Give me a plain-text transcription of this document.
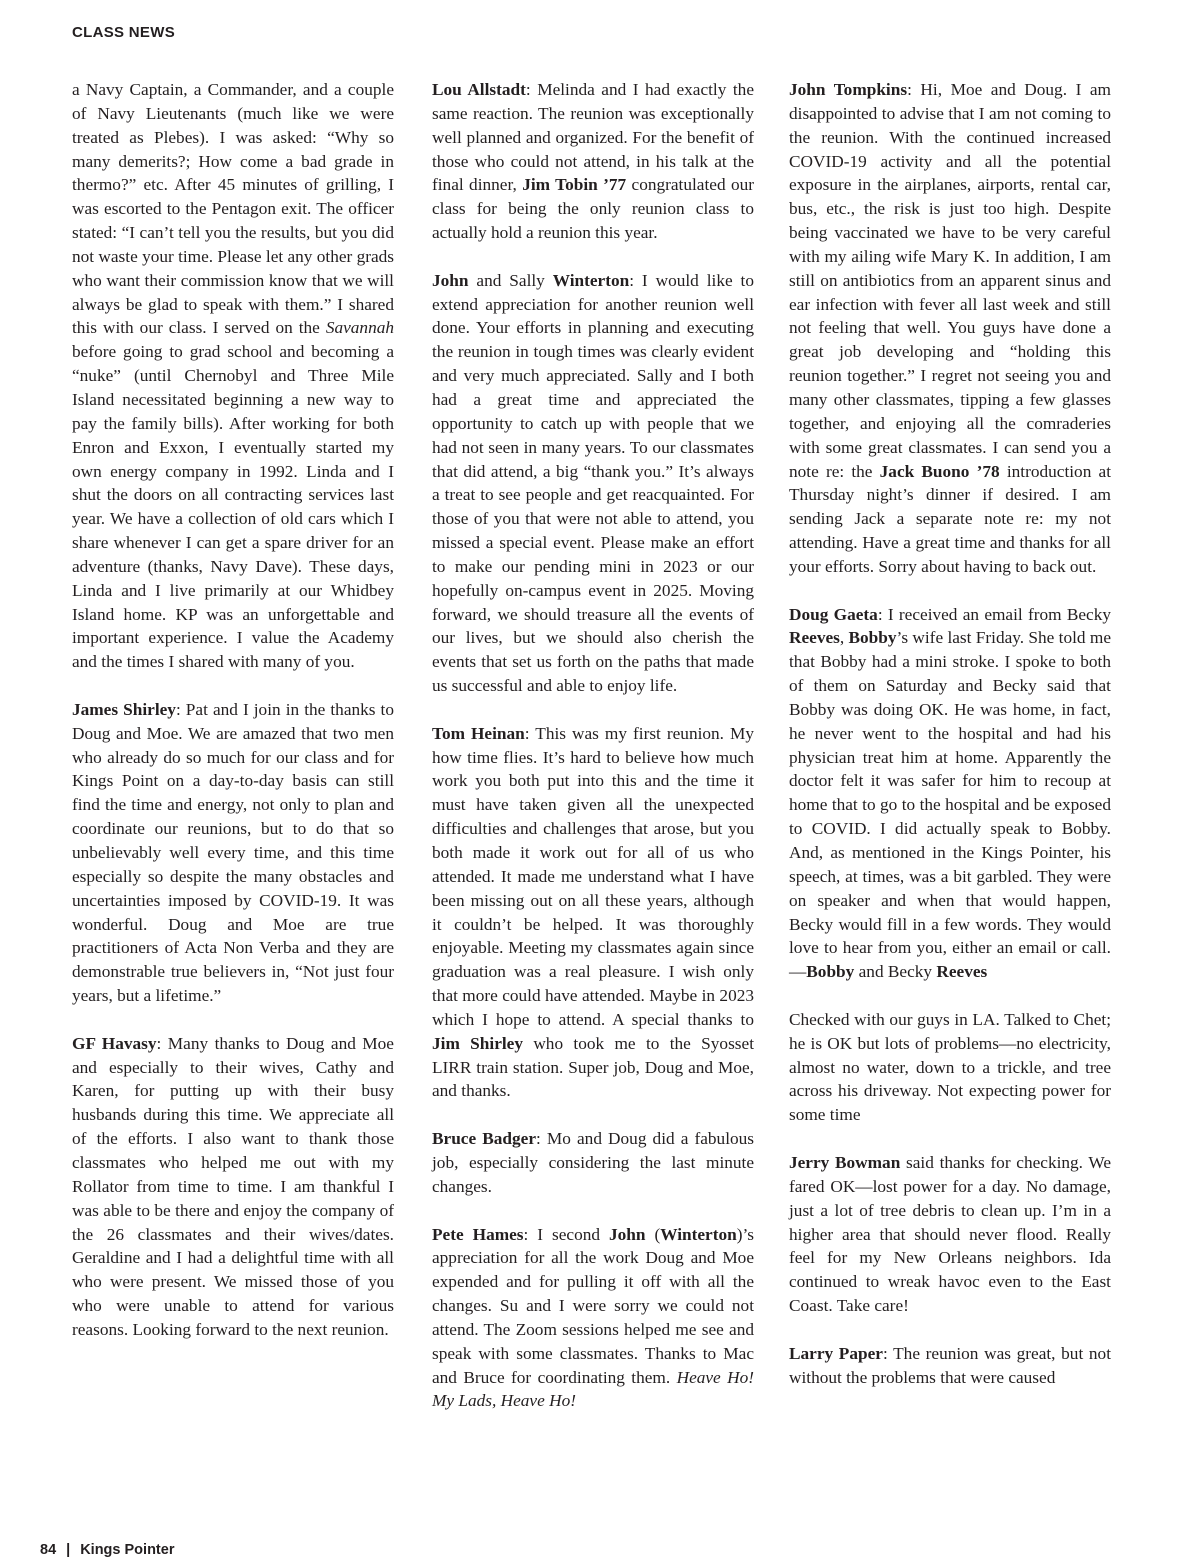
CLASS NEWS

a Navy Captain, a Commander, and a couple of Navy Lieutenants (much like we were treated as Plebes). I was asked: “Why so many demerits?; How come a bad grade in thermo?” etc. After 45 minutes of grilling, I was escorted to the Pentagon exit. The officer stated: “I can’t tell you the results, but you did not waste your time. Please let any other grads who want their commission know that we will always be glad to speak with them.” I shared this with our class. I served on the Savannah before going to grad school and becoming a “nuke” (until Chernobyl and Three Mile Island necessitated beginning a new way to pay the family bills). After working for both Enron and Exxon, I eventually started my own energy company in 1992. Linda and I shut the doors on all contracting services last year. We have a collection of old cars which I share whenever I can get a spare driver for an adventure (thanks, Navy Dave). These days, Linda and I live primarily at our Whidbey Island home. KP was an unforgettable and important experience. I value the Academy and the times I shared with many of you.

James Shirley: Pat and I join in the thanks to Doug and Moe. We are amazed that two men who already do so much for our class and for Kings Point on a day-to-day basis can still find the time and energy, not only to plan and coordinate our reunions, but to do that so unbelievably well every time, and this time especially so despite the many obstacles and uncertainties imposed by COVID-19. It was wonderful. Doug and Moe are true practitioners of Acta Non Verba and they are demonstrable true believers in, “Not just four years, but a lifetime.”

GF Havasy: Many thanks to Doug and Moe and especially to their wives, Cathy and Karen, for putting up with their busy husbands during this time. We appreciate all of the efforts. I also want to thank those classmates who helped me out with my Rollator from time to time. I am thankful I was able to be there and enjoy the company of the 26 classmates and their wives/dates. Geraldine and I had a delightful time with all who were present. We missed those of you who were unable to attend for various reasons. Looking forward to the next reunion.

Lou Allstadt: Melinda and I had exactly the same reaction. The reunion was exceptionally well planned and organized. For the benefit of those who could not attend, in his talk at the final dinner, Jim Tobin ’77 congratulated our class for being the only reunion class to actually hold a reunion this year.

John and Sally Winterton: I would like to extend appreciation for another reunion well done. Your efforts in planning and executing the reunion in tough times was clearly evident and very much appreciated. Sally and I both had a great time and appreciated the opportunity to catch up with people that we had not seen in many years. To our classmates that did attend, a big “thank you.” It’s always a treat to see people and get reacquainted. For those of you that were not able to attend, you missed a special event. Please make an effort to make our pending mini in 2023 or our hopefully on-campus event in 2025. Moving forward, we should treasure all the events of our lives, but we should also cherish the events that set us forth on the paths that made us successful and able to enjoy life.

Tom Heinan: This was my first reunion. My how time flies. It’s hard to believe how much work you both put into this and the time it must have taken given all the unexpected difficulties and challenges that arose, but you both made it work out for all of us who attended. It made me understand what I have been missing out on all these years, although it couldn’t be helped. It was thoroughly enjoyable. Meeting my classmates again since graduation was a real pleasure. I wish only that more could have attended. Maybe in 2023 which I hope to attend. A special thanks to Jim Shirley who took me to the Syosset LIRR train station. Super job, Doug and Moe, and thanks.

Bruce Badger: Mo and Doug did a fabulous job, especially considering the last minute changes.

Pete Hames: I second John (Winterton)’s appreciation for all the work Doug and Moe expended and for pulling it off with all the changes. Su and I were sorry we could not attend. The Zoom sessions helped me see and speak with some classmates. Thanks to Mac and Bruce for coordinating them. Heave Ho! My Lads, Heave Ho!

John Tompkins: Hi, Moe and Doug. I am disappointed to advise that I am not coming to the reunion. With the continued increased COVID-19 activity and all the potential exposure in the airplanes, airports, rental car, bus, etc., the risk is just too high. Despite being vaccinated we have to be very careful with my ailing wife Mary K. In addition, I am still on antibiotics from an apparent sinus and ear infection with fever all last week and still not feeling that well. You guys have done a great job developing and “holding this reunion together.” I regret not seeing you and many other classmates, tipping a few glasses together, and enjoying all the comraderies with some great classmates. I can send you a note re: the Jack Buono ’78 introduction at Thursday night’s dinner if desired. I am sending Jack a separate note re: my not attending. Have a great time and thanks for all your efforts. Sorry about having to back out.

Doug Gaeta: I received an email from Becky Reeves, Bobby’s wife last Friday. She told me that Bobby had a mini stroke. I spoke to both of them on Saturday and Becky said that Bobby was doing OK. He was home, in fact, he never went to the hospital and had his physician treat him at home. Apparently the doctor felt it was safer for him to recoup at home that to go to the hospital and be exposed to COVID. I did actually speak to Bobby. And, as mentioned in the Kings Pointer, his speech, at times, was a bit garbled. They were on speaker and when that would happen, Becky would fill in a few words. They would love to hear from you, either an email or call. —Bobby and Becky Reeves

Checked with our guys in LA. Talked to Chet; he is OK but lots of problems—no electricity, almost no water, down to a trickle, and tree across his driveway. Not expecting power for some time

Jerry Bowman said thanks for checking. We fared OK—lost power for a day. No damage, just a lot of tree debris to clean up. I’m in a higher area that should never flood. Really feel for my New Orleans neighbors. Ida continued to wreak havoc even to the East Coast. Take care!

Larry Paper: The reunion was great, but not without the problems that were caused

84 | Kings Pointer
